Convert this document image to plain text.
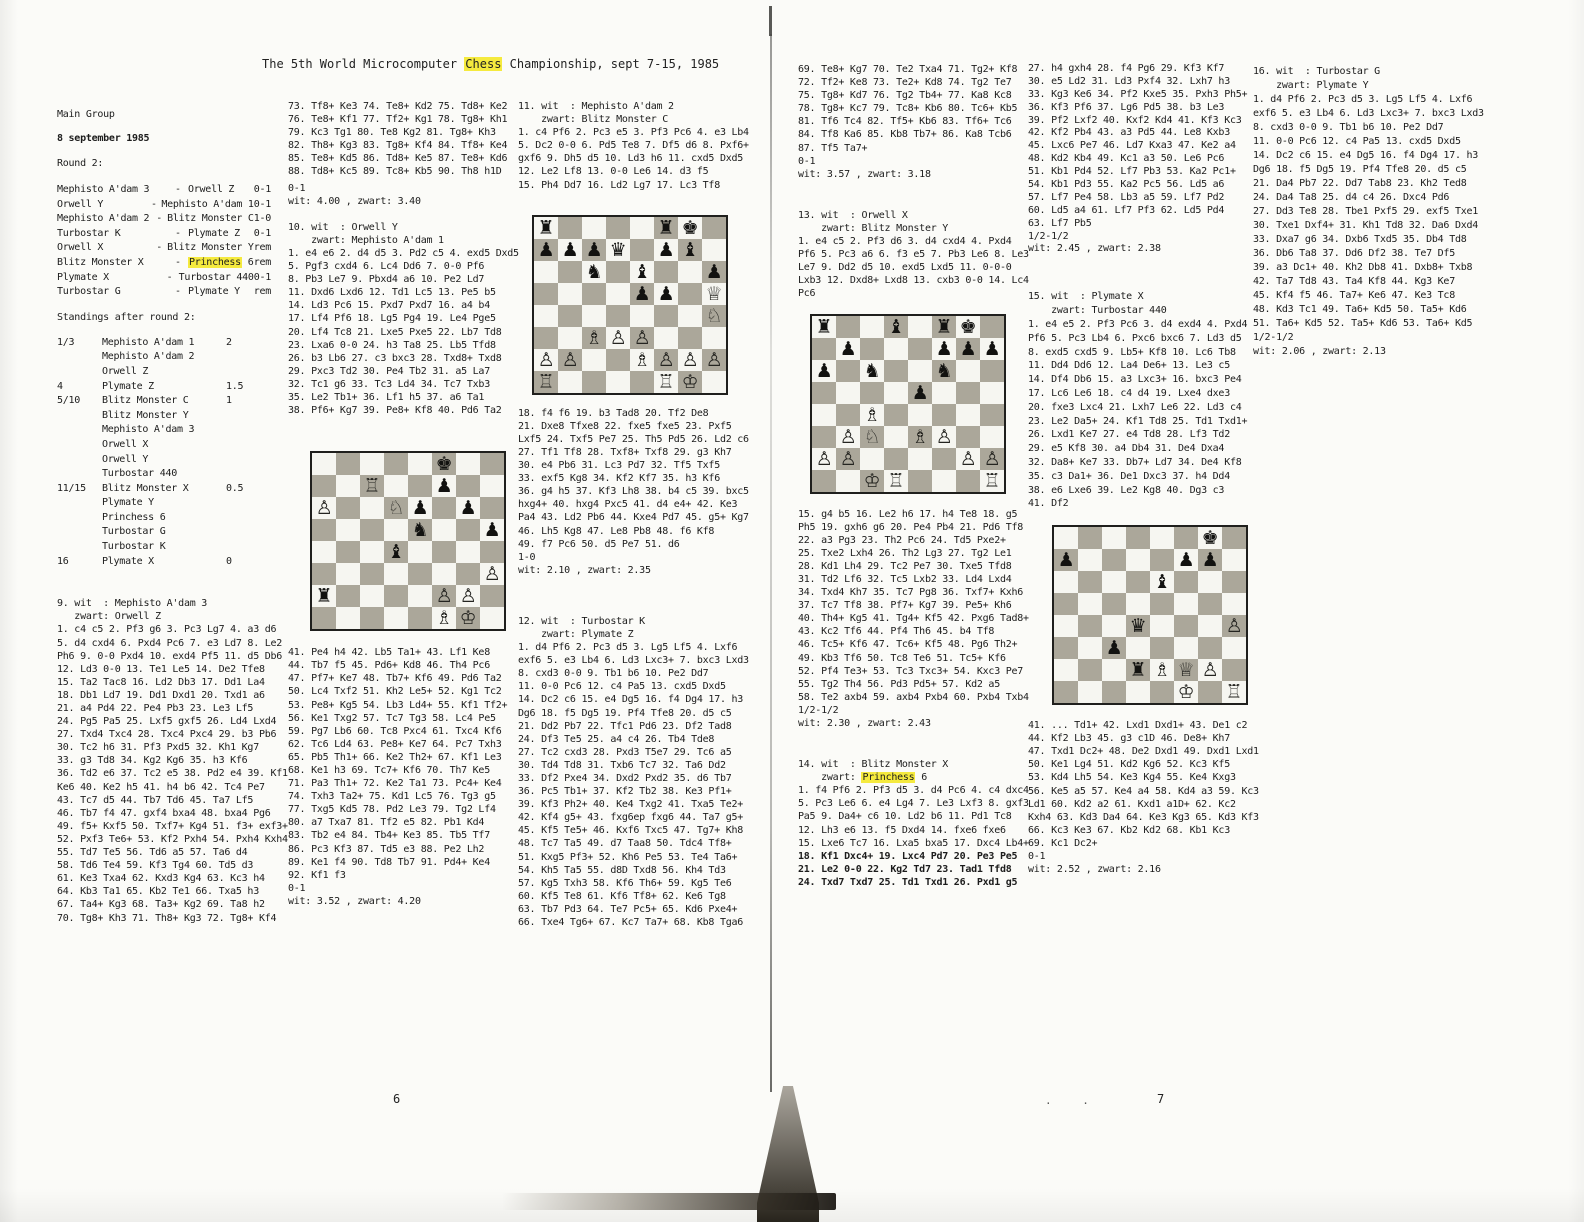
The 5th World Microcomputer Chess Championship, sept 7-15, 1985
6	7
. .
Main Group
8 september 1985
Round 2:
Mephisto A'dam 3	- Orwell Z 0-1
Orwell Y	- Mephisto A'dam 1 0-1
Mephisto A'dam 2 - Blitz Monster C 1-0
Turbostar K	- Plymate Z 0-1
Orwell X	- Blitz Monster Y rem
Blitz Monster X	- Princhess 6 rem
Plymate X	- Turbostar 440 0-1
Turbostar G	- Plymate Y rem
Standings after round 2:
1/3	Mephisto A'dam 1	2
Mephisto A'dam 2
Orwell Z
4	Plymate Z	1.5
5/10	Blitz Monster C	1
Blitz Monster Y
Mephisto A'dam 3
Orwell X
Orwell Y
Turbostar 440
11/15	Blitz Monster X	0.5
Plymate Y
Princhess 6
Turbostar G
Turbostar K
16	Plymate X	0
9. wit  : Mephisto A'dam 3
zwart: Orwell Z
1. c4 c5 2. Pf3 g6 3. Pc3 Lg7 4. a3 d6
5. d4 cxd4 6. Pxd4 Pc6 7. e3 Ld7 8. Le2
Ph6 9. 0-0 Pxd4 10. exd4 Pf5 11. d5 Db6
12. Ld3 0-0 13. Te1 Le5 14. De2 Tfe8
15. Ta2 Tac8 16. Ld2 Db3 17. Dd1 La4
18. Db1 Ld7 19. Dd1 Dxd1 20. Txd1 a6
21. a4 Pd4 22. Pe4 Pb3 23. Le3 Lf5
24. Pg5 Pa5 25. Lxf5 gxf5 26. Ld4 Lxd4
27. Txd4 Txc4 28. Txc4 Pxc4 29. b3 Pb6
30. Tc2 h6 31. Pf3 Pxd5 32. Kh1 Kg7
33. g3 Td8 34. Kg2 Kg6 35. h3 Kf6
36. Td2 e6 37. Tc2 e5 38. Pd2 e4 39. Kf1
Ke6 40. Ke2 h5 41. h4 b6 42. Tc4 Pe7
43. Tc7 d5 44. Tb7 Td6 45. Ta7 Lf5
46. Tb7 f4 47. gxf4 bxa4 48. bxa4 Pg6
49. f5+ Kxf5 50. Txf7+ Kg4 51. f3+ exf3+
52. Pxf3 Te6+ 53. Kf2 Pxh4 54. Pxh4 Kxh4
55. Td7 Te5 56. Td6 a5 57. Ta6 d4
58. Td6 Te4 59. Kf3 Tg4 60. Td5 d3
61. Ke3 Txa4 62. Kxd3 Kg4 63. Kc3 h4
64. Kb3 Ta1 65. Kb2 Te1 66. Txa5 h3
67. Ta4+ Kg3 68. Ta3+ Kg2 69. Ta8 h2
70. Tg8+ Kh3 71. Th8+ Kg3 72. Tg8+ Kf4
73. Tf8+ Ke3 74. Te8+ Kd2 75. Td8+ Ke2
76. Te8+ Kf1 77. Tf2+ Kg1 78. Tg8+ Kh1
79. Kc3 Tg1 80. Te8 Kg2 81. Tg8+ Kh3
82. Th8+ Kg3 83. Tg8+ Kf4 84. Tf8+ Ke4
85. Te8+ Kd5 86. Td8+ Ke5 87. Te8+ Kd6
88. Td8+ Kc5 89. Tc8+ Kb5 90. Th8 h1D
0-1
wit: 4.00 , zwart: 3.40
10. wit  : Orwell Y
zwart: Mephisto A'dam 1
1. e4 e6 2. d4 d5 3. Pd2 c5 4. exd5 Dxd5
5. Pgf3 cxd4 6. Lc4 Dd6 7. 0-0 Pf6
8. Pb3 Le7 9. Pbxd4 a6 10. Pe2 Ld7
11. Dxd6 Lxd6 12. Td1 Lc5 13. Pe5 b5
14. Ld3 Pc6 15. Pxd7 Pxd7 16. a4 b4
17. Lf4 Pf6 18. Lg5 Pg4 19. Le4 Pge5
20. Lf4 Tc8 21. Lxe5 Pxe5 22. Lb7 Td8
23. Lxa6 0-0 24. h3 Ta8 25. Lb5 Tfd8
26. b3 Lb6 27. c3 bxc3 28. Txd8+ Txd8
29. Pxc3 Td2 30. Pe4 Tb2 31. a5 La7
32. Tc1 g6 33. Tc3 Ld4 34. Tc7 Txb3
35. Le2 Tb1+ 36. Lf1 h5 37. a6 Ta1
38. Pf6+ Kg7 39. Pe8+ Kf8 40. Pd6 Ta2
♚
♖	♟
♙	♘ ♟ ♟
♞	♟
♝
♙
♜	♙ ♙
♗ ♔
41. Pe4 h4 42. Lb5 Ta1+ 43. Lf1 Ke8
44. Tb7 f5 45. Pd6+ Kd8 46. Th4 Pc6
47. Pf7+ Ke7 48. Tb7+ Kf6 49. Pd6 Ta2
50. Lc4 Txf2 51. Kh2 Le5+ 52. Kg1 Tc2
53. Pe8+ Kg5 54. Lb3 Ld4+ 55. Kf1 Tf2+
56. Ke1 Txg2 57. Tc7 Tg3 58. Lc4 Pe5
59. Pg7 Lb6 60. Tc8 Pxc4 61. Txc4 Kf6
62. Tc6 Ld4 63. Pe8+ Ke7 64. Pc7 Txh3
65. Pb5 Th1+ 66. Ke2 Th2+ 67. Kf1 Le3
68. Ke1 h3 69. Tc7+ Kf6 70. Th7 Ke5
71. Pa3 Th1+ 72. Ke2 Ta1 73. Pc4+ Ke4
74. Txh3 Ta2+ 75. Kd1 Lc5 76. Tg3 g5
77. Txg5 Kd5 78. Pd2 Le3 79. Tg2 Lf4
80. a7 Txa7 81. Tf2 e5 82. Pb1 Kd4
83. Tb2 e4 84. Tb4+ Ke3 85. Tb5 Tf7
86. Pc3 Kf3 87. Td5 e3 88. Pe2 Lh2
89. Ke1 f4 90. Td8 Tb7 91. Pd4+ Ke4
92. Kf1 f3
0-1
wit: 3.52 , zwart: 4.20
11. wit  : Mephisto A'dam 2
zwart: Blitz Monster C
1. c4 Pf6 2. Pc3 e5 3. Pf3 Pc6 4. e3 Lb4
5. Dc2 0-0 6. Pd5 Te8 7. Df5 d6 8. Pxf6+
gxf6 9. Dh5 d5 10. Ld3 h6 11. cxd5 Dxd5
12. Le2 Lf8 13. 0-0 Le6 14. d3 f5
15. Ph4 Dd7 16. Ld2 Lg7 17. Lc3 Tf8
♜	♜ ♚
♟ ♟ ♟ ♛ ♟ ♝
♞ ♝	♟
♟ ♟ ♕
♘
♗ ♙ ♙
♙ ♙	♗ ♙ ♙ ♙
♖	♖ ♔
18. f4 f6 19. b3 Tad8 20. Tf2 De8
21. Dxe8 Tfxe8 22. fxe5 fxe5 23. Pxf5
Lxf5 24. Txf5 Pe7 25. Th5 Pd5 26. Ld2 c6
27. Tf1 Tf8 28. Txf8+ Txf8 29. g3 Kh7
30. e4 Pb6 31. Lc3 Pd7 32. Tf5 Txf5
33. exf5 Kg8 34. Kf2 Kf7 35. h3 Kf6
36. g4 h5 37. Kf3 Lh8 38. b4 c5 39. bxc5
hxg4+ 40. hxg4 Pxc5 41. d4 e4+ 42. Ke3
Pa4 43. Ld2 Pb6 44. Kxe4 Pd7 45. g5+ Kg7
46. Lh5 Kg8 47. Le8 Pb8 48. f6 Kf8
49. f7 Pc6 50. d5 Pe7 51. d6
1-0
wit: 2.10 , zwart: 2.35
12. wit  : Turbostar K
zwart: Plymate Z
1. d4 Pf6 2. Pc3 d5 3. Lg5 Lf5 4. Lxf6
exf6 5. e3 Lb4 6. Ld3 Lxc3+ 7. bxc3 Lxd3
8. cxd3 0-0 9. Tb1 b6 10. Pe2 Dd7
11. 0-0 Pc6 12. c4 Pa5 13. cxd5 Dxd5
14. Dc2 c6 15. e4 Dg5 16. f4 Dg4 17. h3
Dg6 18. f5 Dg5 19. Pf4 Tfe8 20. d5 c5
21. Dd2 Pb7 22. Tfc1 Pd6 23. Df2 Tad8
24. Df3 Te5 25. a4 c4 26. Tb4 Tde8
27. Tc2 cxd3 28. Pxd3 T5e7 29. Tc6 a5
30. Td4 Td8 31. Txb6 Tc7 32. Ta6 Dd2
33. Df2 Pxe4 34. Dxd2 Pxd2 35. d6 Tb7
36. Pc5 Tb1+ 37. Kf2 Tb2 38. Ke3 Pf1+
39. Kf3 Ph2+ 40. Ke4 Txg2 41. Txa5 Te2+
42. Kf4 g5+ 43. fxg6ep fxg6 44. Ta7 g5+
45. Kf5 Te5+ 46. Kxf6 Txc5 47. Tg7+ Kh8
48. Tc7 Ta5 49. d7 Taa8 50. Tdc4 Tf8+
51. Kxg5 Pf3+ 52. Kh6 Pe5 53. Te4 Ta6+
54. Kh5 Ta5 55. d8D Txd8 56. Kh4 Td3
57. Kg5 Txh3 58. Kf6 Th6+ 59. Kg5 Te6
60. Kf5 Te8 61. Kf6 Tf8+ 62. Ke6 Tg8
63. Tb7 Pd3 64. Te7 Pc5+ 65. Kd6 Pxe4+
66. Txe4 Tg6+ 67. Kc7 Ta7+ 68. Kb8 Tga6
69. Te8+ Kg7 70. Te2 Txa4 71. Tg2+ Kf8
72. Tf2+ Ke8 73. Te2+ Kd8 74. Tg2 Te7
75. Tg8+ Kd7 76. Tg2 Tb4+ 77. Ka8 Kc8
78. Tg8+ Kc7 79. Tc8+ Kb6 80. Tc6+ Kb5
81. Tf6 Tc4 82. Tf5+ Kb6 83. Tf6+ Tc6
84. Tf8 Ka6 85. Kb8 Tb7+ 86. Ka8 Tcb6
87. Tf5 Ta7+
0-1
wit: 3.57 , zwart: 3.18
13. wit  : Orwell X
zwart: Blitz Monster Y
1. e4 c5 2. Pf3 d6 3. d4 cxd4 4. Pxd4
Pf6 5. Pc3 a6 6. f3 e5 7. Pb3 Le6 8. Le3
Le7 9. Dd2 d5 10. exd5 Lxd5 11. 0-0-0
Lxb3 12. Dxd8+ Lxd8 13. cxb3 0-0 14. Lc4
Pc6
♜	♝ ♜ ♚
♟	♟ ♟ ♟
♟ ♞	♞
♟
♗
♙ ♘ ♗ ♙
♙ ♙	♙ ♙
♔ ♖	♖
15. g4 b5 16. Le2 h6 17. h4 Te8 18. g5
Ph5 19. gxh6 g6 20. Pe4 Pb4 21. Pd6 Tf8
22. a3 Pg3 23. Th2 Pc6 24. Td5 Pxe2+
25. Txe2 Lxh4 26. Th2 Lg3 27. Tg2 Le1
28. Kd1 Lh4 29. Tc2 Pe7 30. Txe5 Tfd8
31. Td2 Lf6 32. Tc5 Lxb2 33. Ld4 Lxd4
34. Txd4 Kh7 35. Tc7 Pg8 36. Txf7+ Kxh6
37. Tc7 Tf8 38. Pf7+ Kg7 39. Pe5+ Kh6
40. Th4+ Kg5 41. Tg4+ Kf5 42. Pxg6 Tad8+
43. Kc2 Tf6 44. Pf4 Th6 45. b4 Tf8
46. Tc5+ Kf6 47. Tc6+ Kf5 48. Pg6 Th2+
49. Kb3 Tf6 50. Tc8 Te6 51. Tc5+ Kf6
52. Pf4 Te3+ 53. Tc3 Txc3+ 54. Kxc3 Pe7
55. Tg2 Th4 56. Pd3 Pd5+ 57. Kd2 a5
58. Te2 axb4 59. axb4 Pxb4 60. Pxb4 Txb4
1/2-1/2
wit: 2.30 , zwart: 2.43
14. wit  : Blitz Monster X
zwart: Princhess 6
1. f4 Pf6 2. Pf3 d5 3. d4 Pc6 4. c4 dxc4
5. Pc3 Le6 6. e4 Lg4 7. Le3 Lxf3 8. gxf3
Pa5 9. Da4+ c6 10. Ld2 b6 11. Pd1 Tc8
12. Lh3 e6 13. f5 Dxd4 14. fxe6 fxe6
15. Lxe6 Tc7 16. Lxa5 bxa5 17. Dxc4 Lb4+
18. Kf1 Dxc4+ 19. Lxc4 Pd7 20. Pe3 Pe5
21. Le2 0-0 22. Kg2 Td7 23. Tad1 Tfd8
24. Txd7 Txd7 25. Td1 Txd1 26. Pxd1 g5
27. h4 gxh4 28. f4 Pg6 29. Kf3 Kf7
30. e5 Ld2 31. Ld3 Pxf4 32. Lxh7 h3
33. Kg3 Ke6 34. Pf2 Kxe5 35. Pxh3 Ph5+
36. Kf3 Pf6 37. Lg6 Pd5 38. b3 Le3
39. Pf2 Lxf2 40. Kxf2 Kd4 41. Kf3 Kc3
42. Kf2 Pb4 43. a3 Pd5 44. Le8 Kxb3
45. Lxc6 Pe7 46. Ld7 Kxa3 47. Ke2 a4
48. Kd2 Kb4 49. Kc1 a3 50. Le6 Pc6
51. Kb1 Pd4 52. Lf7 Pb3 53. Ka2 Pc1+
54. Kb1 Pd3 55. Ka2 Pc5 56. Ld5 a6
57. Lf7 Pe4 58. Lb3 a5 59. Lf7 Pd2
60. Ld5 a4 61. Lf7 Pf3 62. Ld5 Pd4
63. Lf7 Pb5
1/2-1/2
wit: 2.45 , zwart: 2.38
15. wit  : Plymate X
zwart: Turbostar 440
1. e4 e5 2. Pf3 Pc6 3. d4 exd4 4. Pxd4
Pf6 5. Pc3 Lb4 6. Pxc6 bxc6 7. Ld3 d5
8. exd5 cxd5 9. Lb5+ Kf8 10. Lc6 Tb8
11. Dd4 Dd6 12. La4 De6+ 13. Le3 c5
14. Df4 Db6 15. a3 Lxc3+ 16. bxc3 Pe4
17. Lc6 Le6 18. c4 d4 19. Lxe4 dxe3
20. fxe3 Lxc4 21. Lxh7 Le6 22. Ld3 c4
23. Le2 Da5+ 24. Kf1 Td8 25. Td1 Txd1+
26. Lxd1 Ke7 27. e4 Td8 28. Lf3 Td2
29. e5 Kf8 30. a4 Db4 31. De4 Dxa4
32. Da8+ Ke7 33. Db7+ Ld7 34. De4 Kf8
35. c3 Da1+ 36. De1 Dxc3 37. h4 Dd4
38. e6 Lxe6 39. Le2 Kg8 40. Dg3 c3
41. Df2
♚
♟	♟ ♟
♝
♛	♙
♟
♜ ♗ ♕ ♙
♔ ♖
41. ... Td1+ 42. Lxd1 Dxd1+ 43. De1 c2
44. Kf2 Lb3 45. g3 c1D 46. De8+ Kh7
47. Txd1 Dc2+ 48. De2 Dxd1 49. Dxd1 Lxd1
50. Ke1 Lg4 51. Kd2 Kg6 52. Kc3 Kf5
53. Kd4 Lh5 54. Ke3 Kg4 55. Ke4 Kxg3
56. Ke5 a5 57. Ke4 a4 58. Kd4 a3 59. Kc3
Ld1 60. Kd2 a2 61. Kxd1 a1D+ 62. Kc2
Kxh4 63. Kd3 Da4 64. Ke3 Kg3 65. Kd3 Kf3
66. Kc3 Ke3 67. Kb2 Kd2 68. Kb1 Kc3
69. Kc1 Dc2+
0-1
wit: 2.52 , zwart: 2.16
16. wit  : Turbostar G
zwart: Plymate Y
1. d4 Pf6 2. Pc3 d5 3. Lg5 Lf5 4. Lxf6
exf6 5. e3 Lb4 6. Ld3 Lxc3+ 7. bxc3 Lxd3
8. cxd3 0-0 9. Tb1 b6 10. Pe2 Dd7
11. 0-0 Pc6 12. c4 Pa5 13. cxd5 Dxd5
14. Dc2 c6 15. e4 Dg5 16. f4 Dg4 17. h3
Dg6 18. f5 Dg5 19. Pf4 Tfe8 20. d5 c5
21. Da4 Pb7 22. Dd7 Tab8 23. Kh2 Ted8
24. Da4 Ta8 25. d4 c4 26. Dxc4 Pd6
27. Dd3 Te8 28. Tbe1 Pxf5 29. exf5 Txe1
30. Txe1 Dxf4+ 31. Kh1 Td8 32. Da6 Dxd4
33. Dxa7 g6 34. Dxb6 Txd5 35. Db4 Td8
36. Db6 Ta8 37. Dd6 Df2 38. Te7 Df5
39. a3 Dc1+ 40. Kh2 Db8 41. Dxb8+ Txb8
42. Ta7 Td8 43. Ta4 Kf8 44. Kg3 Ke7
45. Kf4 f5 46. Ta7+ Ke6 47. Ke3 Tc8
48. Kd3 Tc1 49. Ta6+ Kd5 50. Ta5+ Kd6
51. Ta6+ Kd5 52. Ta5+ Kd6 53. Ta6+ Kd5
1/2-1/2
wit: 2.06 , zwart: 2.13
